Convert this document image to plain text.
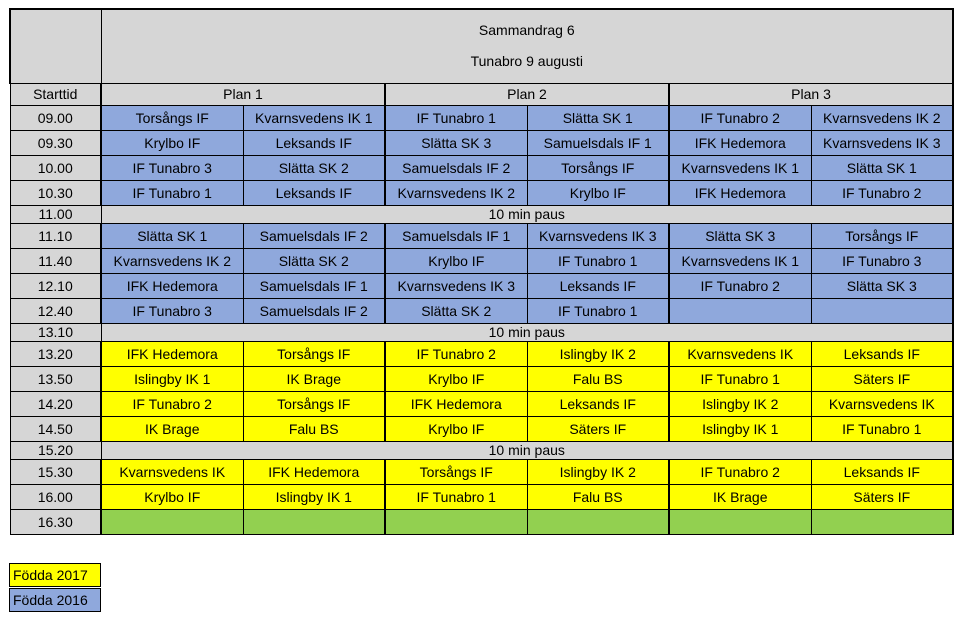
	Sammandrag 6
Tunabro 9 augusti					

Starttid	Plan 1		Plan 2		Plan 3	
09.00	Torsångs IF	Kvarnsvedens IK 1	IF Tunabro 1	Slätta SK 1	IF Tunabro 2	Kvarnsvedens IK 2
09.30	Krylbo IF	Leksands IF	Slätta SK 3	Samuelsdals IF 1	IFK Hedemora	Kvarnsvedens IK 3
10.00	IF Tunabro 3	Slätta SK 2	Samuelsdals IF 2	Torsångs IF	Kvarnsvedens IK 1	Slätta SK 1
10.30	IF Tunabro 1	Leksands IF	Kvarnsvedens IK 2	Krylbo IF	IFK Hedemora	IF Tunabro 2
11.00	10 min paus					
11.10	Slätta SK 1	Samuelsdals IF 2	Samuelsdals IF 1	Kvarnsvedens IK 3	Slätta SK 3	Torsångs IF
11.40	Kvarnsvedens IK 2	Slätta SK 2	Krylbo IF	IF Tunabro 1	Kvarnsvedens IK 1	IF Tunabro 3
12.10	IFK Hedemora	Samuelsdals IF 1	Kvarnsvedens IK 3	Leksands IF	IF Tunabro 2	Slätta SK 3
12.40	IF Tunabro 3	Samuelsdals IF 2	Slätta SK 2	IF Tunabro 1		
13.10	10 min paus					
13.20	IFK Hedemora	Torsångs IF	IF Tunabro 2	Islingby IK 2	Kvarnsvedens IK	Leksands IF
13.50	Islingby IK 1	IK Brage	Krylbo IF	Falu BS	IF Tunabro 1	Säters IF
14.20	IF Tunabro 2	Torsångs IF	IFK Hedemora	Leksands IF	Islingby IK 2	Kvarnsvedens IK
14.50	IK Brage	Falu BS	Krylbo IF	Säters IF	Islingby IK 1	IF Tunabro 1
15.20	10 min paus					
15.30	Kvarnsvedens IK	IFK Hedemora	Torsångs IF	Islingby IK 2	IF Tunabro 2	Leksands IF
16.00	Krylbo IF	Islingby IK 1	IF Tunabro 1	Falu BS	IK Brage	Säters IF
16.30						
Födda 2017
Födda 2016
